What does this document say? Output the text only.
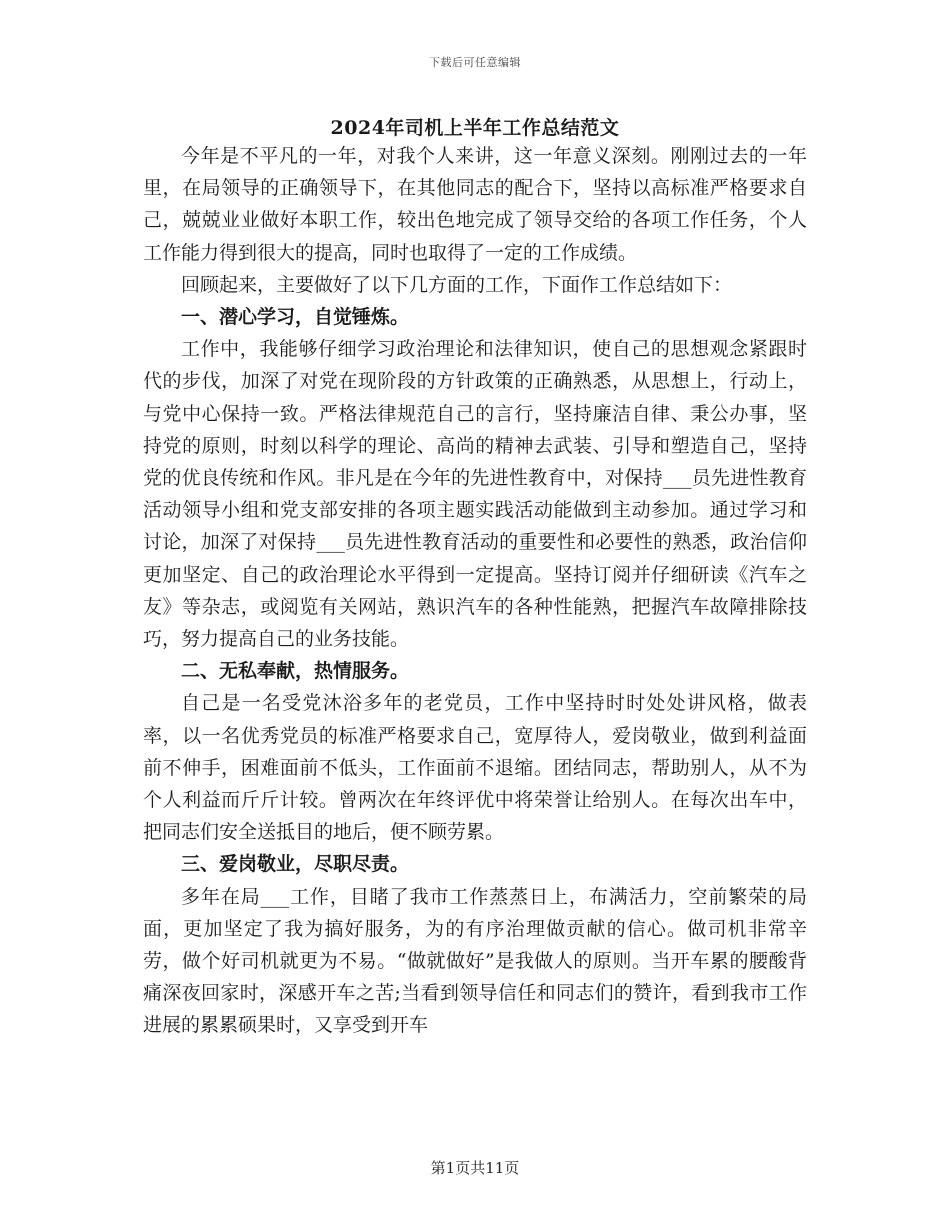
下载后可任意编辑
2024年司机上半年工作总结范文

今年是不平凡的一年，对我个人来讲，这一年意义深刻。刚刚过去的一年里，在局领导的正确领导下，在其他同志的配合下，坚持以高标准严格要求自己，兢兢业业做好本职工作，较出色地完成了领导交给的各项工作任务，个人工作能力得到很大的提高，同时也取得了一定的工作成绩。

回顾起来，主要做好了以下几方面的工作，下面作工作总结如下：

一、潜心学习，自觉锤炼。

工作中，我能够仔细学习政治理论和法律知识，使自己的思想观念紧跟时代的步伐，加深了对党在现阶段的方针政策的正确熟悉，从思想上，行动上，与党中心保持一致。严格法律规范自己的言行，坚持廉洁自律、秉公办事，坚持党的原则，时刻以科学的理论、高尚的精神去武装、引导和塑造自己，坚持党的优良传统和作风。非凡是在今年的先进性教育中，对保持___员先进性教育活动领导小组和党支部安排的各项主题实践活动能做到主动参加。通过学习和讨论，加深了对保持___员先进性教育活动的重要性和必要性的熟悉，政治信仰更加坚定、自己的政治理论水平得到一定提高。坚持订阅并仔细研读《汽车之友》等杂志，或阅览有关网站，熟识汽车的各种性能熟，把握汽车故障排除技巧，努力提高自己的业务技能。

二、无私奉献，热情服务。

自己是一名受党沐浴多年的老党员，工作中坚持时时处处讲风格，做表率，以一名优秀党员的标准严格要求自己，宽厚待人，爱岗敬业，做到利益面前不伸手，困难面前不低头，工作面前不退缩。团结同志，帮助别人，从不为个人利益而斤斤计较。曾两次在年终评优中将荣誉让给别人。在每次出车中，把同志们安全送抵目的地后，便不顾劳累。

三、爱岗敬业，尽职尽责。

多年在局___工作，目睹了我市工作蒸蒸日上，布满活力，空前繁荣的局面，更加坚定了我为搞好服务，为的有序治理做贡献的信心。做司机非常辛劳，做个好司机就更为不易。“做就做好”是我做人的原则。当开车累的腰酸背痛深夜回家时，深感开车之苦;当看到领导信任和同志们的赞许，看到我市工作进展的累累硕果时，又享受到开车

第1页共11页
